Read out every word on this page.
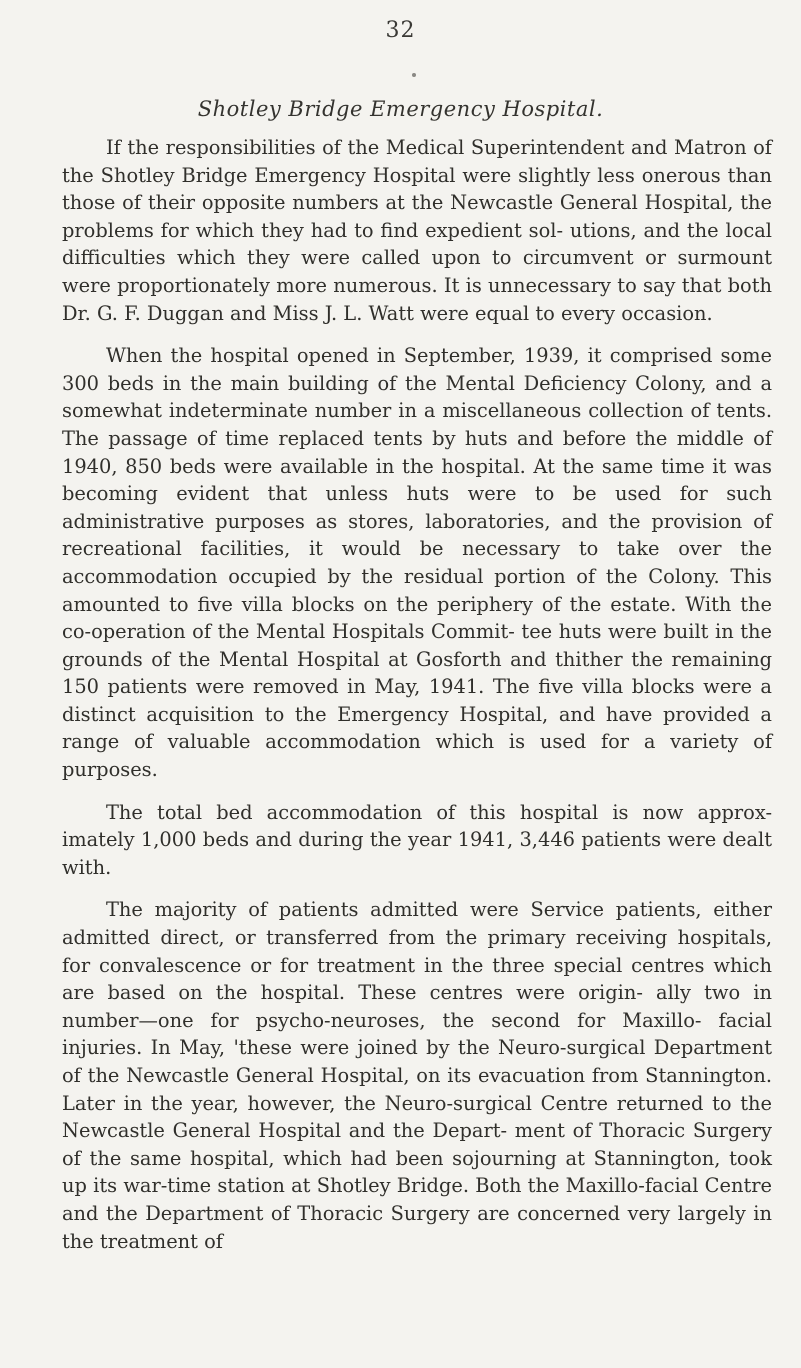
32
Shotley Bridge Emergency Hospital.

If the responsibilities of the Medical Superintendent and Matron of the Shotley Bridge Emergency Hospital were slightly less onerous than those of their opposite numbers at the Newcastle General Hospital, the problems for which they had to find expedient sol- utions, and the local difficulties which they were called upon to circumvent or surmount were proportionately more numerous. It is unnecessary to say that both Dr. G. F. Duggan and Miss J. L. Watt were equal to every occasion.

When the hospital opened in September, 1939, it comprised some 300 beds in the main building of the Mental Deficiency Colony, and a somewhat indeterminate number in a miscellaneous collection of tents. The passage of time replaced tents by huts and before the middle of 1940, 850 beds were available in the hospital. At the same time it was becoming evident that unless huts were to be used for such administrative purposes as stores, laboratories, and the provision of recreational facilities, it would be necessary to take over the accommodation occupied by the residual portion of the Colony. This amounted to five villa blocks on the periphery of the estate. With the co-operation of the Mental Hospitals Commit- tee huts were built in the grounds of the Mental Hospital at Gosforth and thither the remaining 150 patients were removed in May, 1941. The five villa blocks were a distinct acquisition to the Emergency Hospital, and have provided a range of valuable accommodation which is used for a variety of purposes.

The total bed accommodation of this hospital is now approx- imately 1,000 beds and during the year 1941, 3,446 patients were dealt with.

The majority of patients admitted were Service patients, either admitted direct, or transferred from the primary receiving hospitals, for convalescence or for treatment in the three special centres which are based on the hospital. These centres were origin- ally two in number—one for psycho-neuroses, the second for Maxillo- facial injuries. In May, 'these were joined by the Neuro-surgical Department of the Newcastle General Hospital, on its evacuation from Stannington. Later in the year, however, the Neuro-surgical Centre returned to the Newcastle General Hospital and the Depart- ment of Thoracic Surgery of the same hospital, which had been sojourning at Stannington, took up its war-time station at Shotley Bridge. Both the Maxillo-facial Centre and the Department of Thoracic Surgery are concerned very largely in the treatment of
